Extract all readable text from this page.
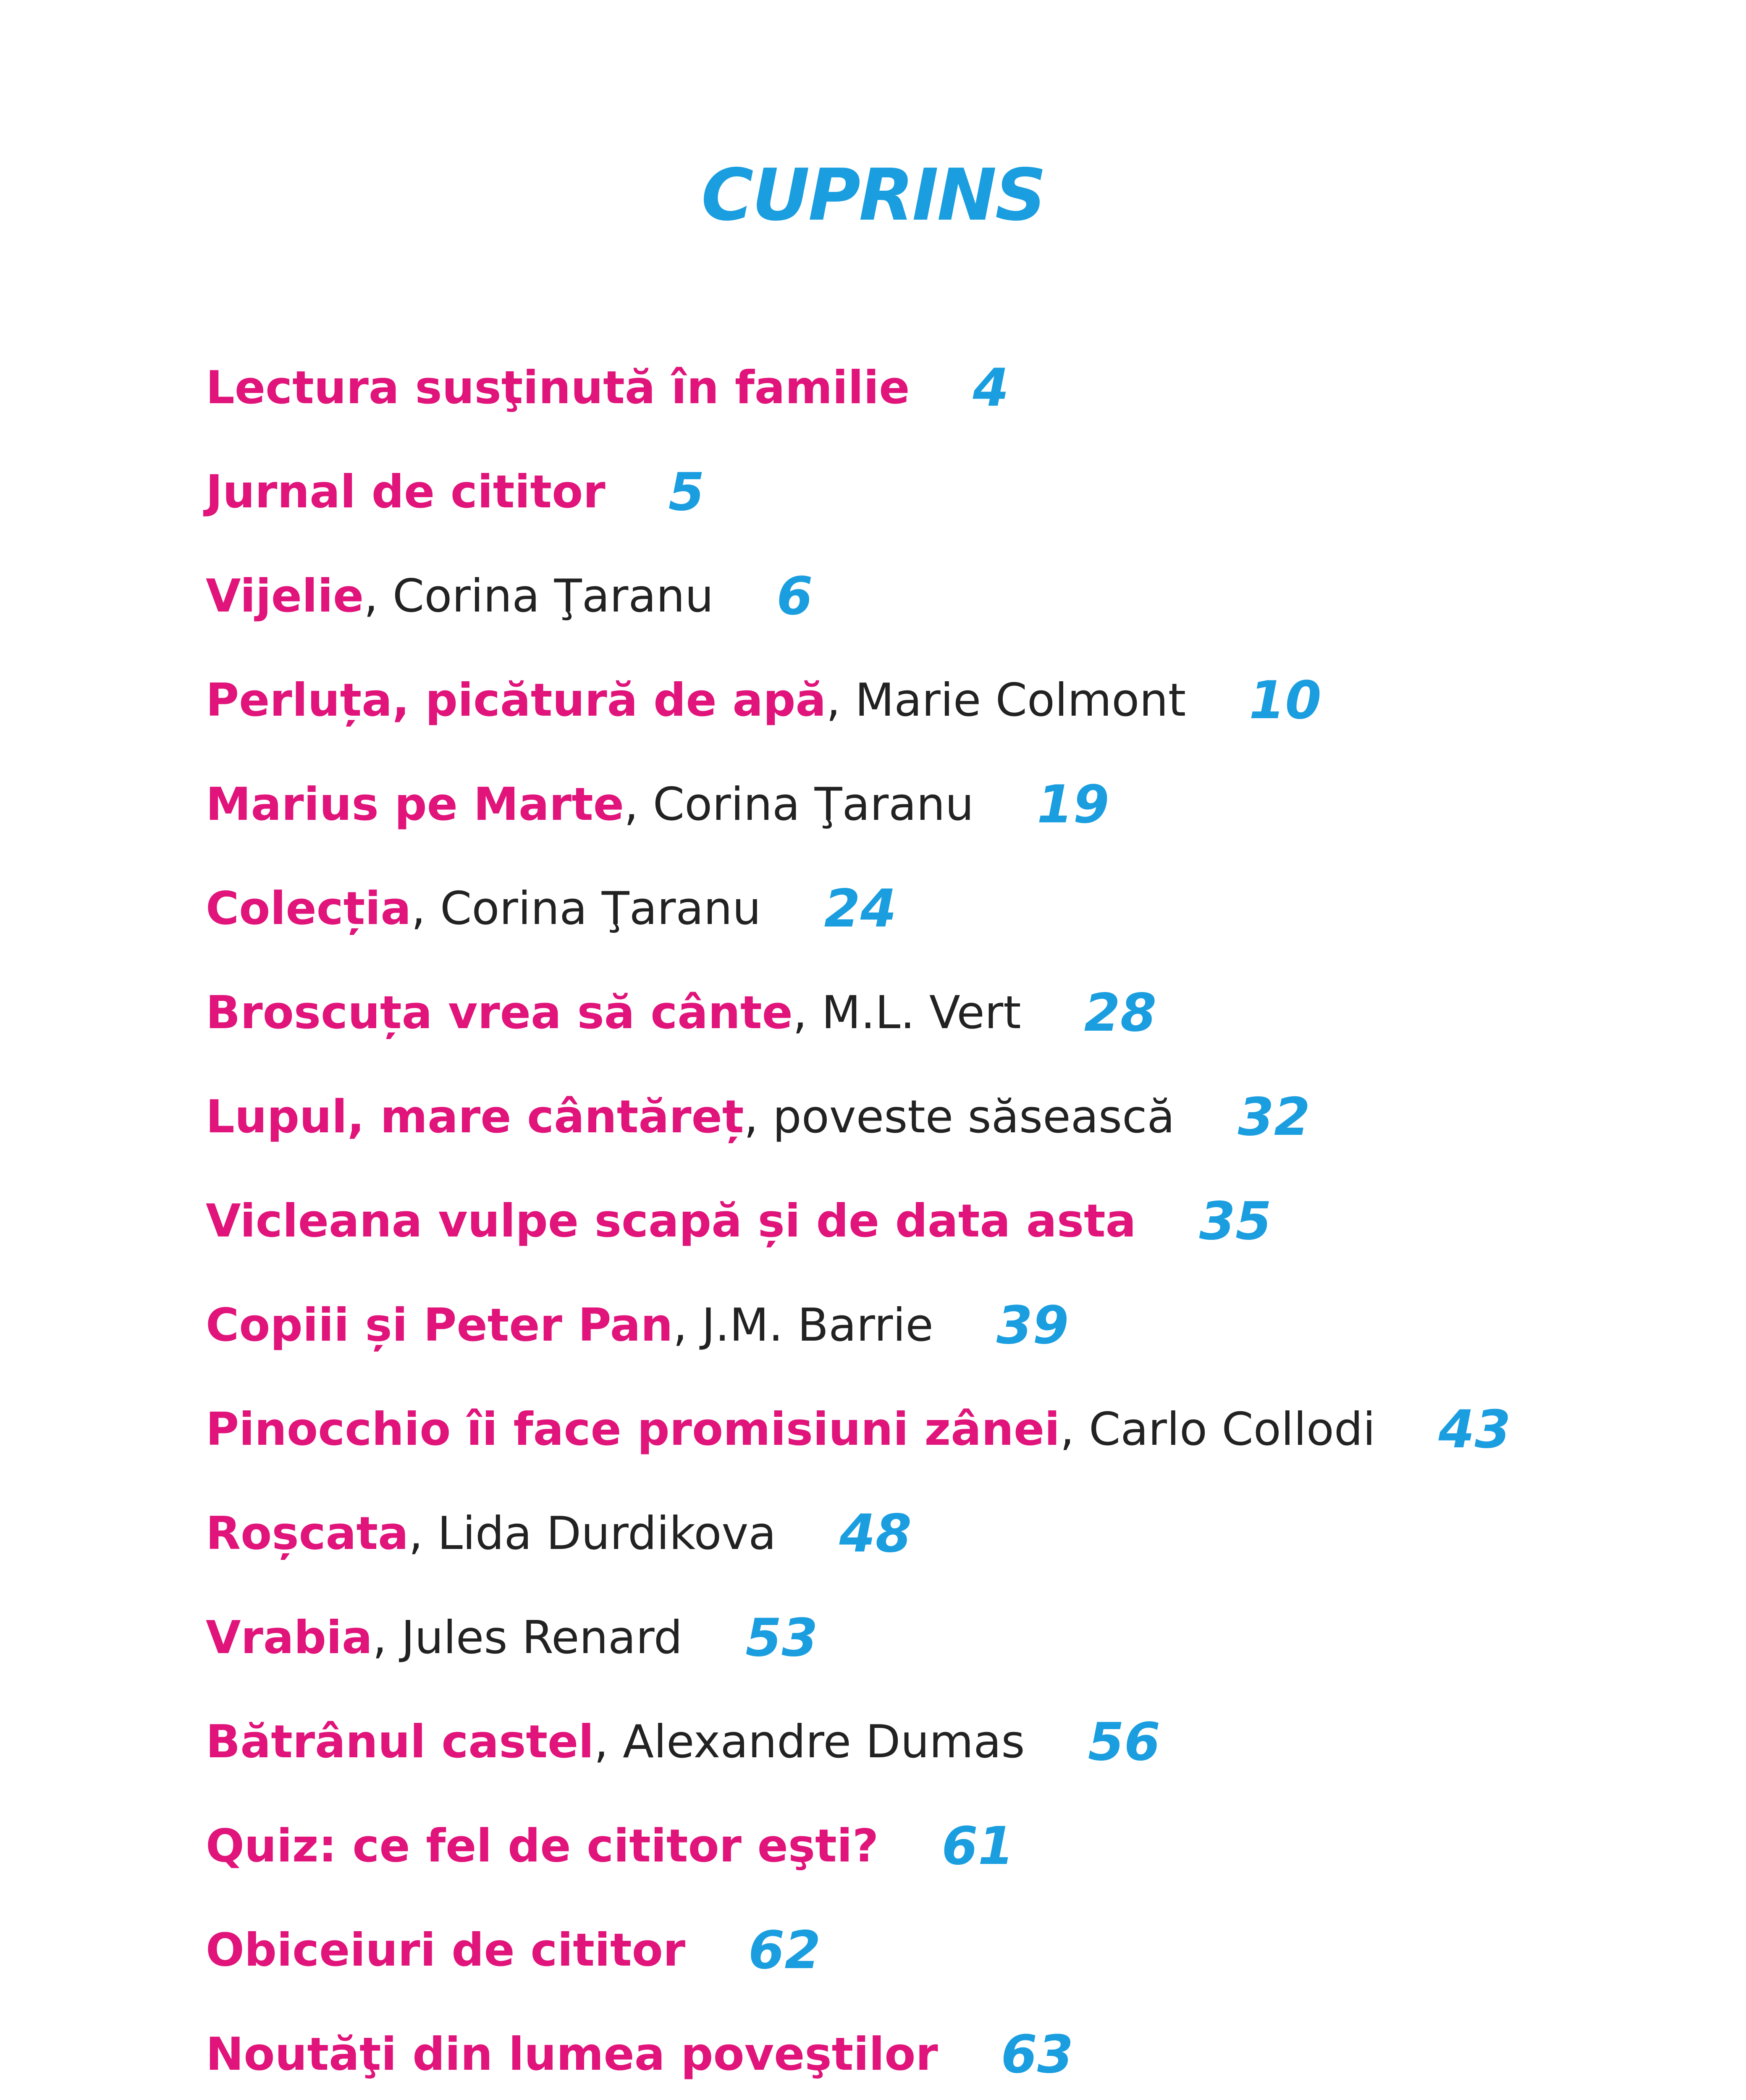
CUPRINS
Lectura susţinută în familie 4
Jurnal de cititor 5
Vijelie , Corina Ţaranu 6
Perluța, picătură de apă , Marie Colmont 10
Marius pe Marte , Corina Ţaranu 19
Colecția , Corina Ţaranu 24
Broscuța vrea să cânte , M.L. Vert 28
Lupul, mare cântăreț , poveste săsească 32
Vicleana vulpe scapă și de data asta 35
Copiii și Peter Pan , J.M. Barrie 39
Pinocchio îi face promisiuni zânei , Carlo Collodi 43
Roșcata , Lida Durdikova 48
Vrabia , Jules Renard 53
Bătrânul castel , Alexandre Dumas 56
Quiz: ce fel de cititor eşti? 61
Obiceiuri de cititor 62
Noutăţi din lumea poveştilor 63
